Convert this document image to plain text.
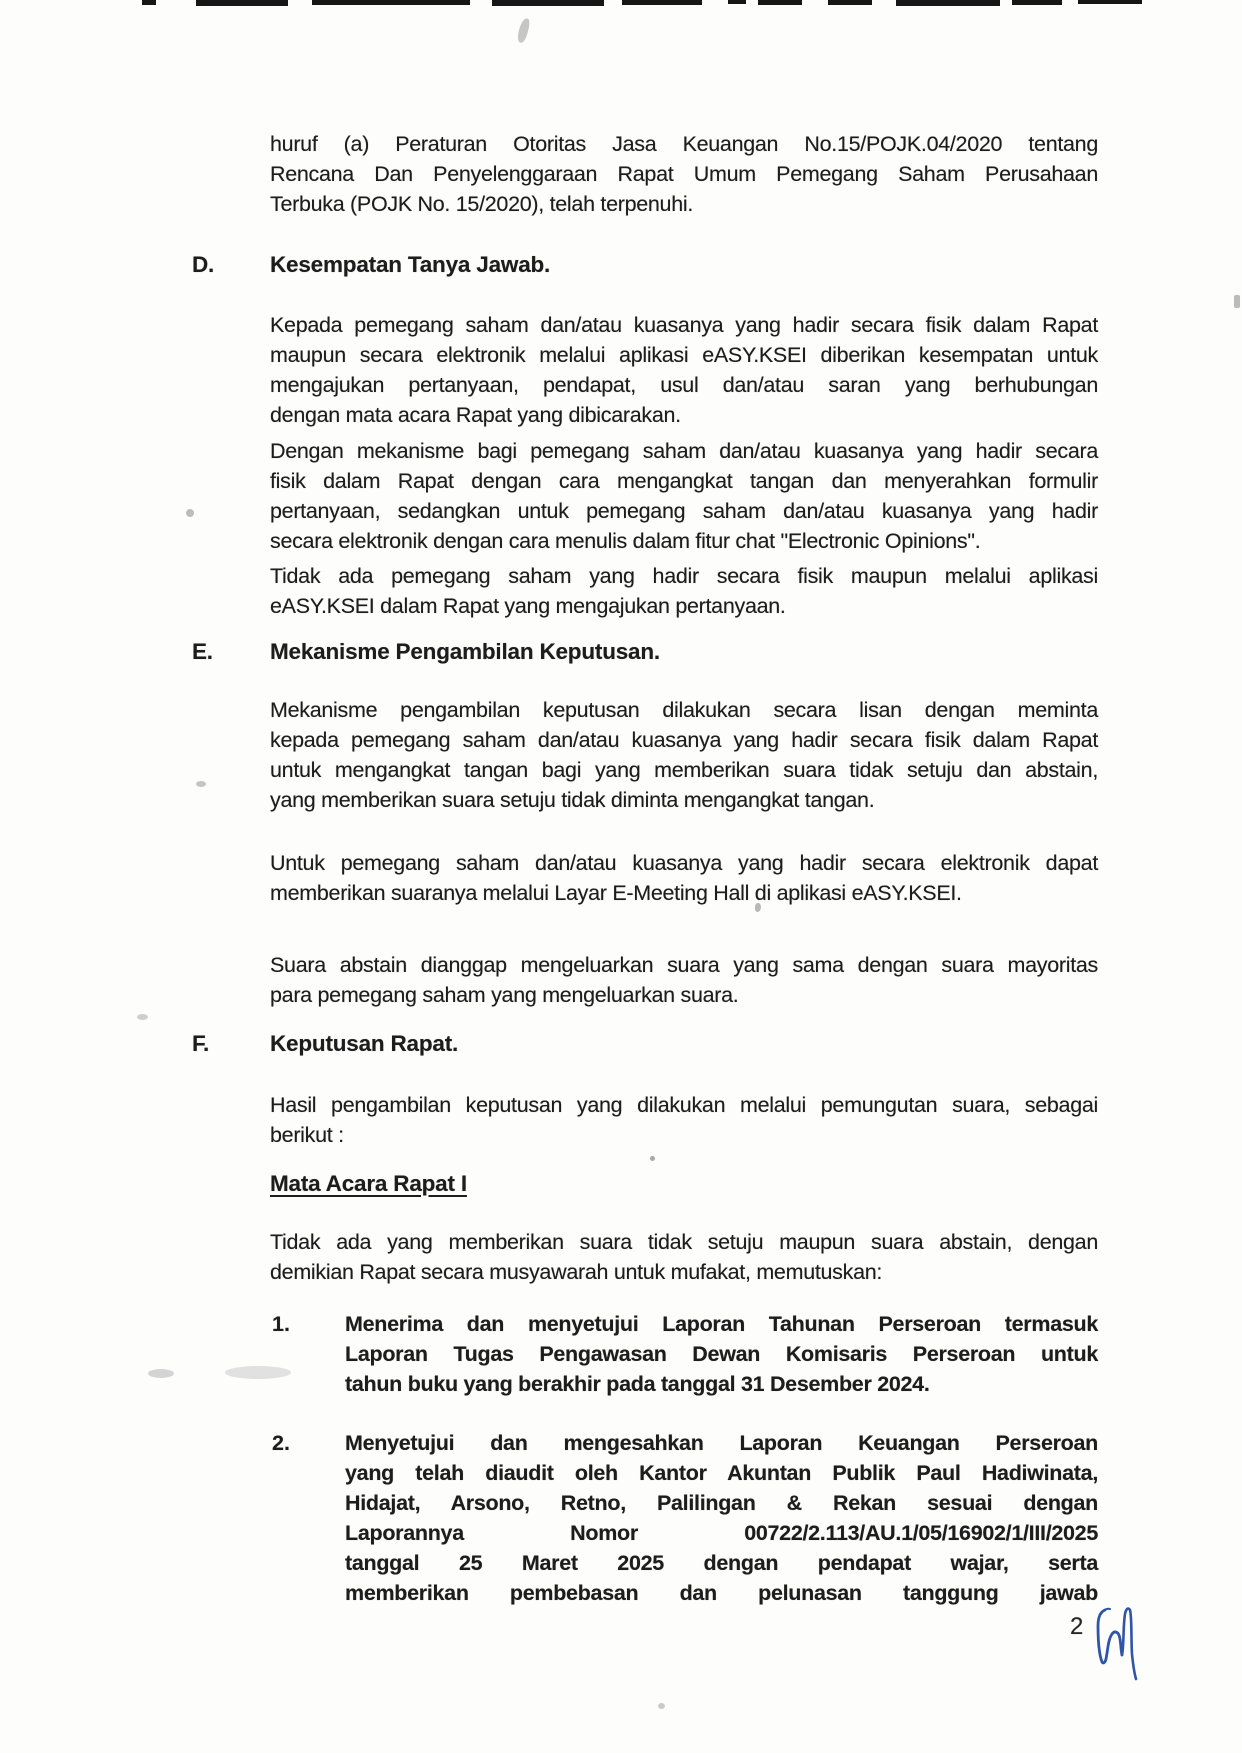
huruf (a) Peraturan Otoritas Jasa Keuangan No.15/POJK.04/2020 tentang
Rencana Dan Penyelenggaraan Rapat Umum Pemegang Saham Perusahaan
Terbuka (POJK No. 15/2020), telah terpenuhi.
D. Kesempatan Tanya Jawab.
Kepada pemegang saham dan/atau kuasanya yang hadir secara fisik dalam Rapat
maupun secara elektronik melalui aplikasi eASY.KSEI diberikan kesempatan untuk
mengajukan pertanyaan, pendapat, usul dan/atau saran yang berhubungan
dengan mata acara Rapat yang dibicarakan.
Dengan mekanisme bagi pemegang saham dan/atau kuasanya yang hadir secara
fisik dalam Rapat dengan cara mengangkat tangan dan menyerahkan formulir
pertanyaan, sedangkan untuk pemegang saham dan/atau kuasanya yang hadir
secara elektronik dengan cara menulis dalam fitur chat "Electronic Opinions".
Tidak ada pemegang saham yang hadir secara fisik maupun melalui aplikasi
eASY.KSEI dalam Rapat yang mengajukan pertanyaan.
E.	Mekanisme Pengambilan Keputusan.
Mekanisme pengambilan keputusan dilakukan secara lisan dengan meminta
kepada pemegang saham dan/atau kuasanya yang hadir secara fisik dalam Rapat
untuk mengangkat tangan bagi yang memberikan suara tidak setuju dan abstain,
yang memberikan suara setuju tidak diminta mengangkat tangan.
Untuk pemegang saham dan/atau kuasanya yang hadir secara elektronik dapat
memberikan suaranya melalui Layar E-Meeting Hall di aplikasi eASY.KSEI.
Suara abstain dianggap mengeluarkan suara yang sama dengan suara mayoritas
para pemegang saham yang mengeluarkan suara.
F.	Keputusan Rapat.
Hasil pengambilan keputusan yang dilakukan melalui pemungutan suara, sebagai
berikut :
Mata Acara Rapat I
Tidak ada yang memberikan suara tidak setuju maupun suara abstain, dengan
demikian Rapat secara musyawarah untuk mufakat, memutuskan:
1.	Menerima dan menyetujui Laporan Tahunan Perseroan termasuk
Laporan Tugas Pengawasan Dewan Komisaris Perseroan untuk
tahun buku yang berakhir pada tanggal 31 Desember 2024.
2.	Menyetujui dan mengesahkan Laporan Keuangan Perseroan
yang telah diaudit oleh Kantor Akuntan Publik Paul Hadiwinata,
Hidajat, Arsono, Retno, Palilingan & Rekan sesuai dengan
Laporannya Nomor 00722/2.113/AU.1/05/16902/1/III/2025
tanggal 25 Maret 2025 dengan pendapat wajar, serta
memberikan pembebasan dan pelunasan tanggung jawab
2
